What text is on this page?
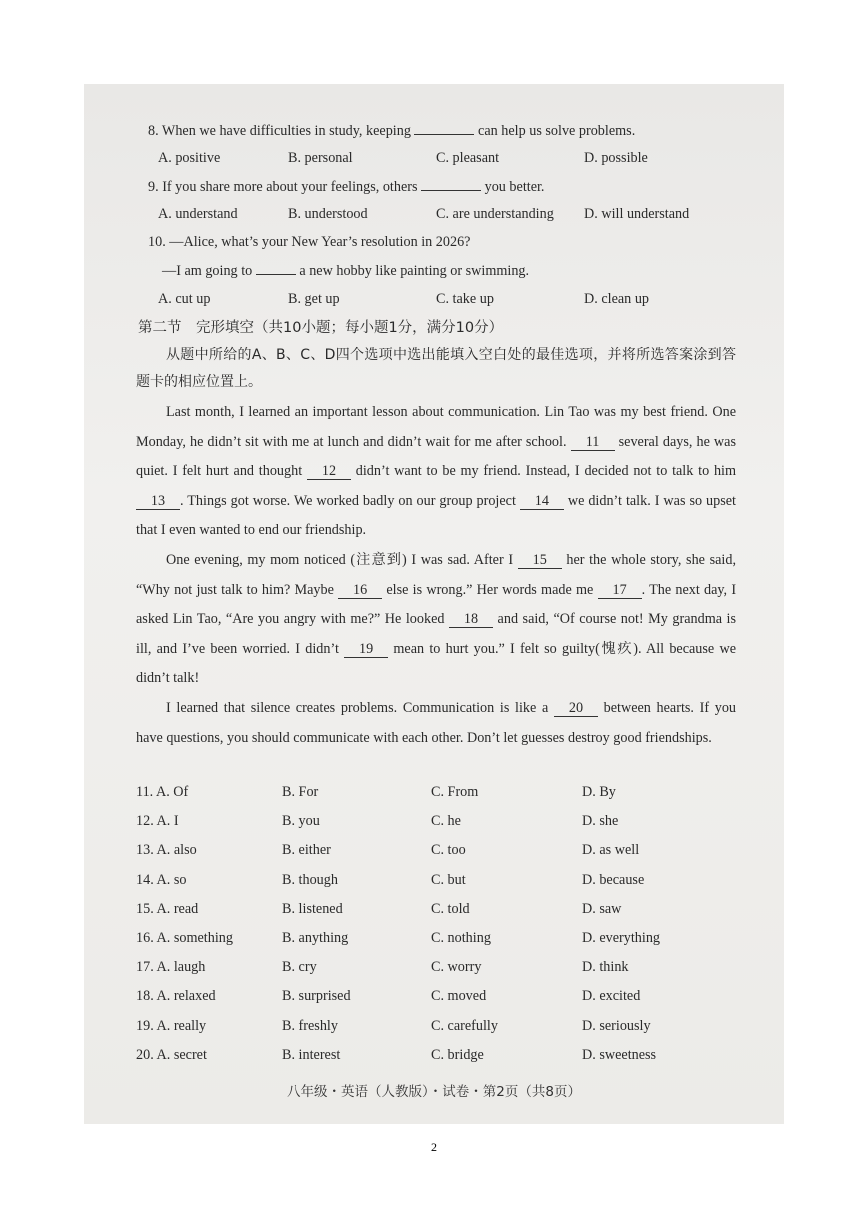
8. When we have difficulties in study, keeping	can help us solve problems.
A. positive	B. personal	C. pleasant	D. possible
9. If you share more about your feelings, others	you better.
A. understand	B. understood	C. are understanding D. will understand
10. —Alice, what’s your New Year’s resolution in 2026?
—I am going to	a new hobby like painting or swimming.
A. cut up	B. get up	C. take up	D. clean up
第二节　完形填空（共10小题；每小题1分，满分10分）
从题中所给的A、B、C、D四个选项中选出能填入空白处的最佳选项，并将所选答案涂到答题卡的相应位置上。
Last month, I learned an important lesson about communication. Lin Tao was my best friend. One Monday, he didn’t sit with me at lunch and didn’t wait for me after school. 11 several days, he was quiet. I felt hurt and thought 12 didn’t want to be my friend. Instead, I decided not to talk to him 13 . Things got worse. We worked badly on our group project 14 we didn’t talk. I was so upset that I even wanted to end our friendship.
One evening, my mom noticed (注意到) I was sad. After I 15 her the whole story, she said, “Why not just talk to him? Maybe 16 else is wrong.” Her words made me 17 . The next day, I asked Lin Tao, “Are you angry with me?” He looked 18 and said, “Of course not! My grandma is ill, and I’ve been worried. I didn’t 19 mean to hurt you.” I felt so guilty(愧疚). All because we didn’t talk!
I learned that silence creates problems. Communication is like a 20 between hearts. If you have questions, you should communicate with each other. Don’t let guesses destroy good friendships.
11. A. Of	B. For	C. From	D. By
12. A. I	B. you	C. he	D. she
13. A. also	B. either	C. too	D. as well
14. A. so	B. though	C. but	D. because
15. A. read	B. listened	C. told	D. saw
16. A. something	B. anything	C. nothing	D. everything
17. A. laugh	B. cry	C. worry	D. think
18. A. relaxed	B. surprised	C. moved	D. excited
19. A. really	B. freshly	C. carefully	D. seriously
20. A. secret	B. interest	C. bridge	D. sweetness
八年级・英语（人教版）・试卷・第2页（共8页）
2
